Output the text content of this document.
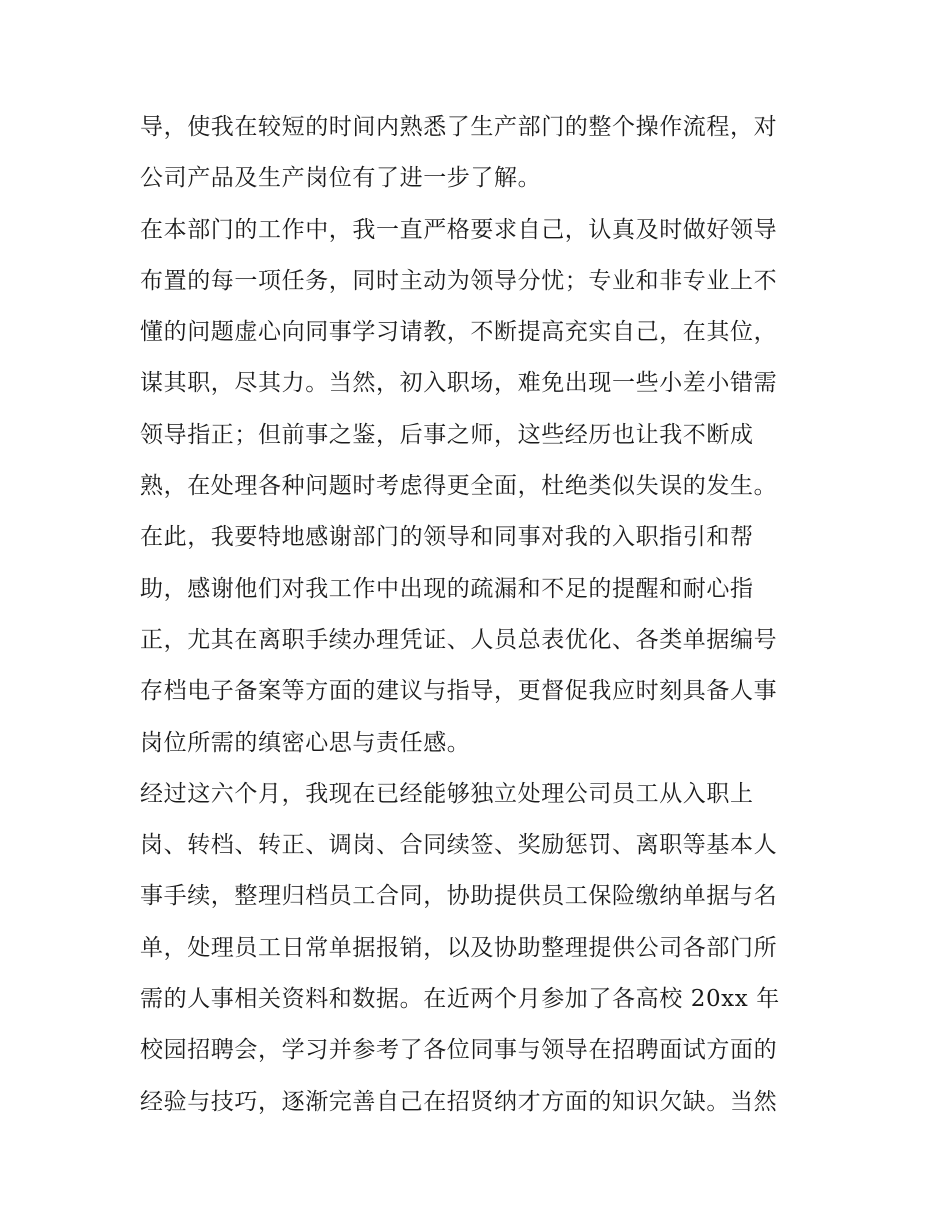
导，使我在较短的时间内熟悉了生产部门的整个操作流程，对
公司产品及生产岗位有了进一步了解。
在本部门的工作中，我一直严格要求自己，认真及时做好领导
布置的每一项任务，同时主动为领导分忧；专业和非专业上不
懂的问题虚心向同事学习请教，不断提高充实自己，在其位，
谋其职，尽其力。当然，初入职场，难免出现一些小差小错需
领导指正；但前事之鉴，后事之师，这些经历也让我不断成
熟，在处理各种问题时考虑得更全面，杜绝类似失误的发生。
在此，我要特地感谢部门的领导和同事对我的入职指引和帮
助，感谢他们对我工作中出现的疏漏和不足的提醒和耐心指
正，尤其在离职手续办理凭证、人员总表优化、各类单据编号
存档电子备案等方面的建议与指导，更督促我应时刻具备人事
岗位所需的缜密心思与责任感。
经过这六个月，我现在已经能够独立处理公司员工从入职上
岗、转档、转正、调岗、合同续签、奖励惩罚、离职等基本人
事手续，整理归档员工合同，协助提供员工保险缴纳单据与名
单，处理员工日常单据报销，以及协助整理提供公司各部门所
需的人事相关资料和数据。在近两个月参加了各高校 20xx 年
校园招聘会，学习并参考了各位同事与领导在招聘面试方面的
经验与技巧，逐渐完善自己在招贤纳才方面的知识欠缺。当然
